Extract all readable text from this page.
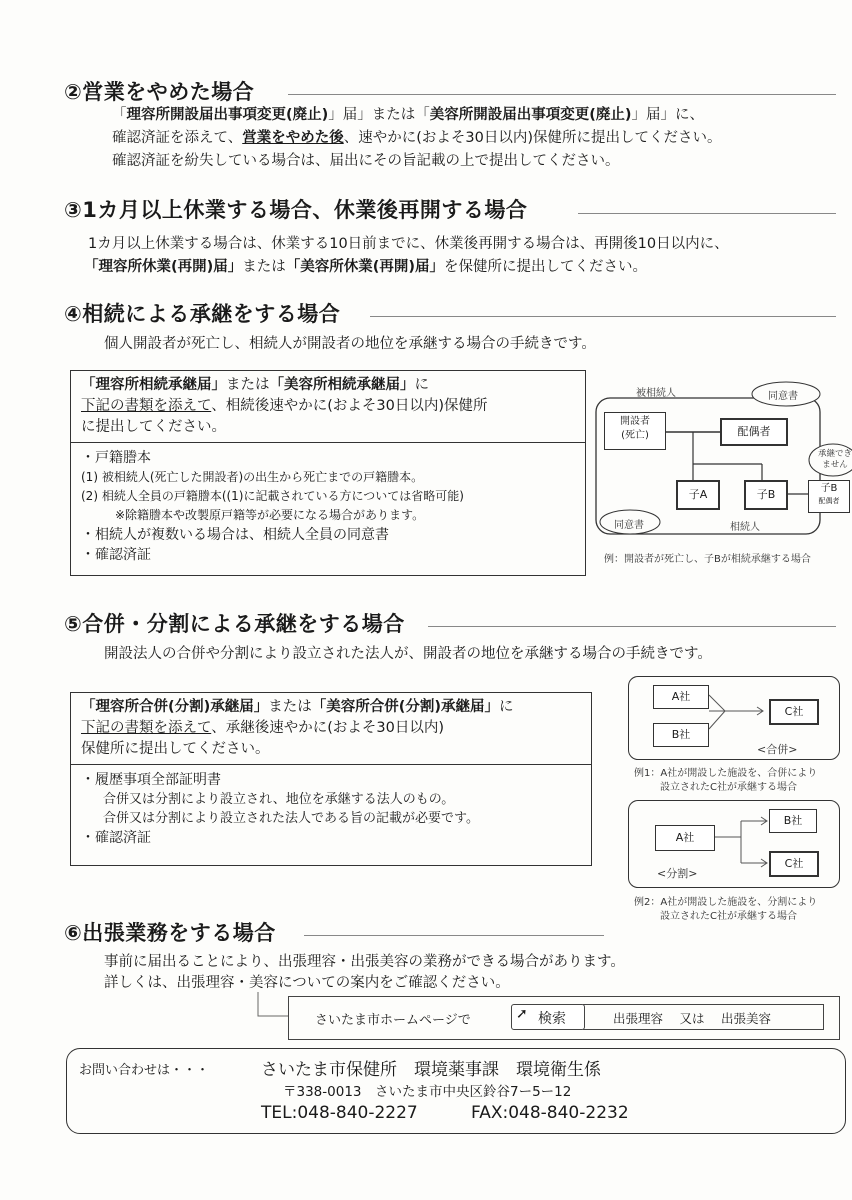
②営業をやめた場合
「理容所開設届出事項変更(廃止)」届」または「美容所開設届出事項変更(廃止)」届」に、
確認済証を添えて、営業をやめた後、速やかに(およそ30日以内)保健所に提出してください。
確認済証を紛失している場合は、届出にその旨記載の上で提出してください。
③1カ月以上休業する場合、休業後再開する場合
1カ月以上休業する場合は、休業する10日前までに、休業後再開する場合は、再開後10日以内に、
「理容所休業(再開)届」または「美容所休業(再開)届」を保健所に提出してください。
④相続による承継をする場合
個人開設者が死亡し、相続人が開設者の地位を承継する場合の手続きです。
「理容所相続承継届」または「美容所相続承継届」に
下記の書類を添えて、相続後速やかに(およそ30日以内)保健所
に提出してください。
・戸籍謄本
(1) 被相続人(死亡した開設者)の出生から死亡までの戸籍謄本。
(2) 相続人全員の戸籍謄本((1)に記載されている方については省略可能)
※除籍謄本や改製原戸籍等が必要になる場合があります。
・相続人が複数いる場合は、相続人全員の同意書
・確認済証
被相続人	同意書
開設者
(死亡)	配偶者
承継でき
ません
子A	子B	子B
配偶者
同意書	相続人
例：開設者が死亡し、子Bが相続承継する場合
⑤合併・分割による承継をする場合
開設法人の合併や分割により設立された法人が、開設者の地位を承継する場合の手続きです。
「理容所合併(分割)承継届」または「美容所合併(分割)承継届」に
下記の書類を添えて、承継後速やかに(およそ30日以内)
保健所に提出してください。
・履歴事項全部証明書
合併又は分割により設立され、地位を承継する法人のもの。
合併又は分割により設立された法人である旨の記載が必要です。
・確認済証
A社
B社
C社
<合併>
例1：A社が開設した施設を、合併により
設立されたC社が承継する場合
A社
<分割>
B社
C社
例2：A社が開設した施設を、分割により
設立されたC社が承継する場合
⑥出張業務をする場合
事前に届出ることにより、出張理容・出張美容の業務ができる場合があります。
詳しくは、出張理容・美容についての案内をご確認ください。
さいたま市ホームページで	➚ 検索	出張理容　 又は　 出張美容
お問い合わせは・・・	さいたま市保健所　環境薬事課　環境衛生係
〒338-0013　さいたま市中央区鈴谷7ー5ー12
TEL:048-840-2227	FAX:048-840-2232
